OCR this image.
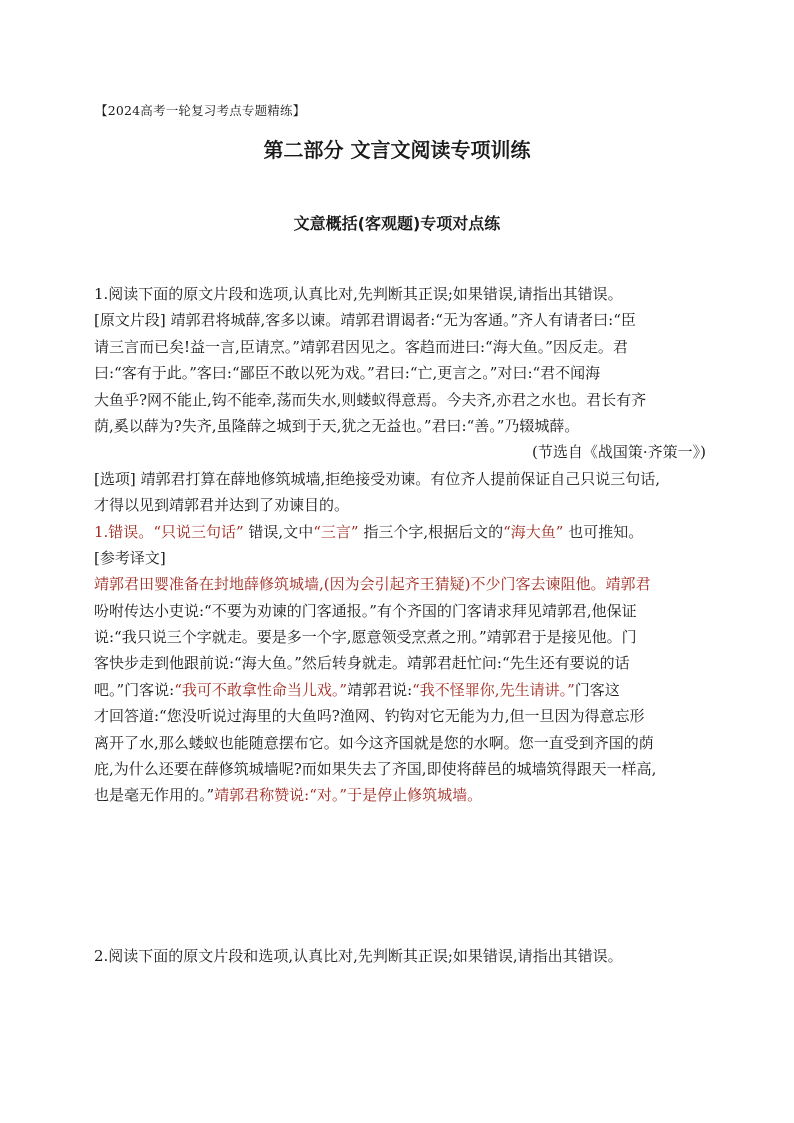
【2024高考一轮复习考点专题精练】
第二部分 文言文阅读专项训练
文意概括(客观题)专项对点练
1.阅读下面的原文片段和选项,认真比对,先判断其正误;如果错误,请指出其错误。
[原文片段] 靖郭君将城薛,客多以谏。靖郭君谓谒者:“无为客通。”齐人有请者曰:“臣
请三言而已矣!益一言,臣请烹。”靖郭君因见之。客趋而进曰:“海大鱼。”因反走。君
曰:“客有于此。”客曰:“鄙臣不敢以死为戏。”君曰:“亡,更言之。”对曰:“君不闻海
大鱼乎?网不能止,钩不能牵,荡而失水,则蝼蚁得意焉。今夫齐,亦君之水也。君长有齐
荫,奚以薛为?失齐,虽隆薛之城到于天,犹之无益也。”君曰:“善。”乃辍城薛。
(节选自《战国策·齐策一》)
[选项] 靖郭君打算在薛地修筑城墙,拒绝接受劝谏。有位齐人提前保证自己只说三句话,
才得以见到靖郭君并达到了劝谏目的。
1.错误。“只说三句话” 错误,文中“三言” 指三个字,根据后文的“海大鱼” 也可推知。
[参考译文]
靖郭君田婴准备在封地薛修筑城墙,(因为会引起齐王猜疑)不少门客去谏阻他。靖郭君
吩咐传达小吏说:“不要为劝谏的门客通报。”有个齐国的门客请求拜见靖郭君,他保证
说:“我只说三个字就走。要是多一个字,愿意领受烹煮之刑。”靖郭君于是接见他。门
客快步走到他跟前说:“海大鱼。”然后转身就走。靖郭君赶忙问:“先生还有要说的话
吧。”门客说:“我可不敢拿性命当儿戏。”靖郭君说:“我不怪罪你,先生请讲。”门客这
才回答道:“您没听说过海里的大鱼吗?渔网、钓钩对它无能为力,但一旦因为得意忘形
离开了水,那么蝼蚁也能随意摆布它。如今这齐国就是您的水啊。您一直受到齐国的荫
庇,为什么还要在薛修筑城墙呢?而如果失去了齐国,即使将薛邑的城墙筑得跟天一样高,
也是毫无作用的。”靖郭君称赞说:“对。”于是停止修筑城墙。
2.阅读下面的原文片段和选项,认真比对,先判断其正误;如果错误,请指出其错误。
